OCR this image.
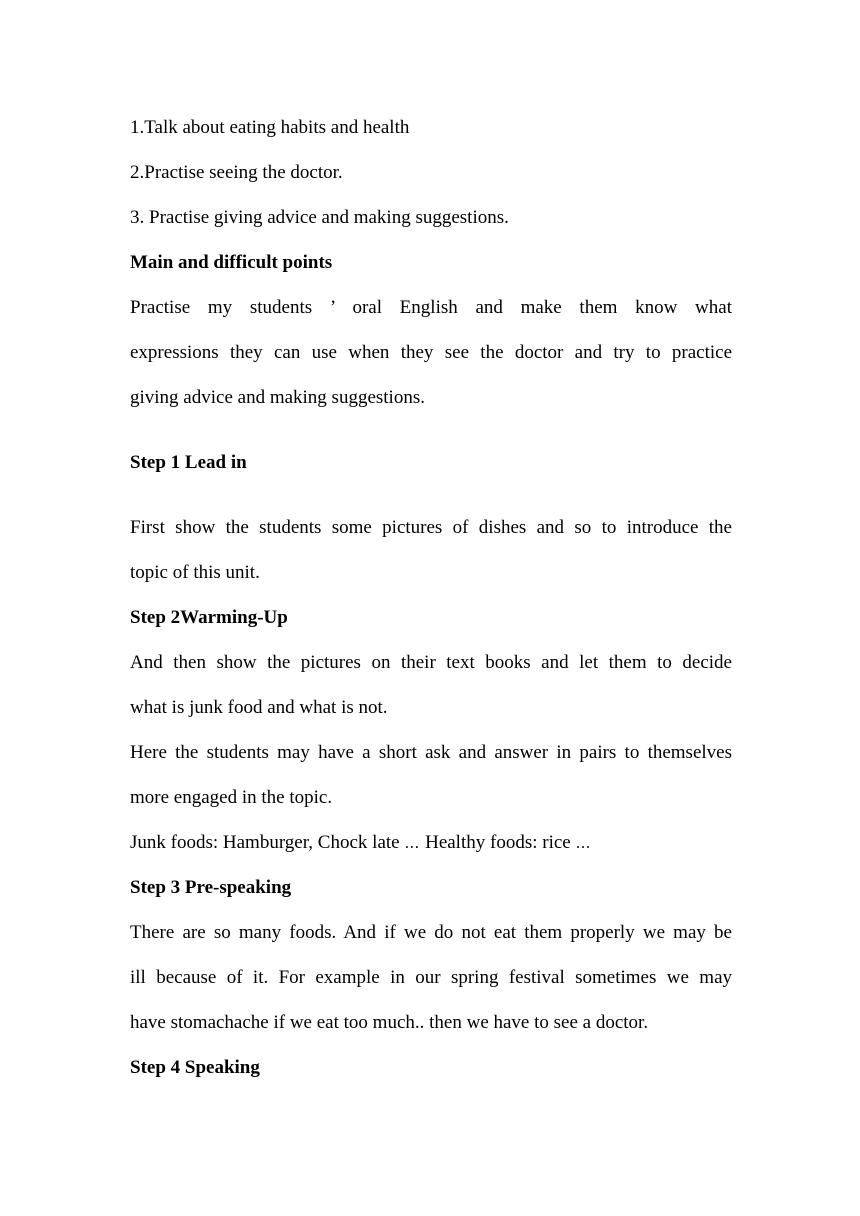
1.Talk about eating habits and health
2.Practise seeing the doctor.
3. Practise giving advice and making suggestions.
Main and difficult points
Practise my students ’ oral English and make them know what
expressions they can use when they see the doctor and try to practice
giving advice and making suggestions.
Step 1 Lead in
First show the students some pictures of dishes and so to introduce the
topic of this unit.
Step 2Warming-Up
And then show the pictures on their text books and let them to decide
what is junk food and what is not.
Here the students may have a short ask and answer in pairs to themselves
more engaged in the topic.
Junk foods: Hamburger, Chock late … Healthy foods: rice …
Step 3 Pre-speaking
There are so many foods. And if we do not eat them properly we may be
ill because of it. For example in our spring festival sometimes we may
have stomachache if we eat too much.. then we have to see a doctor.
Step 4 Speaking
